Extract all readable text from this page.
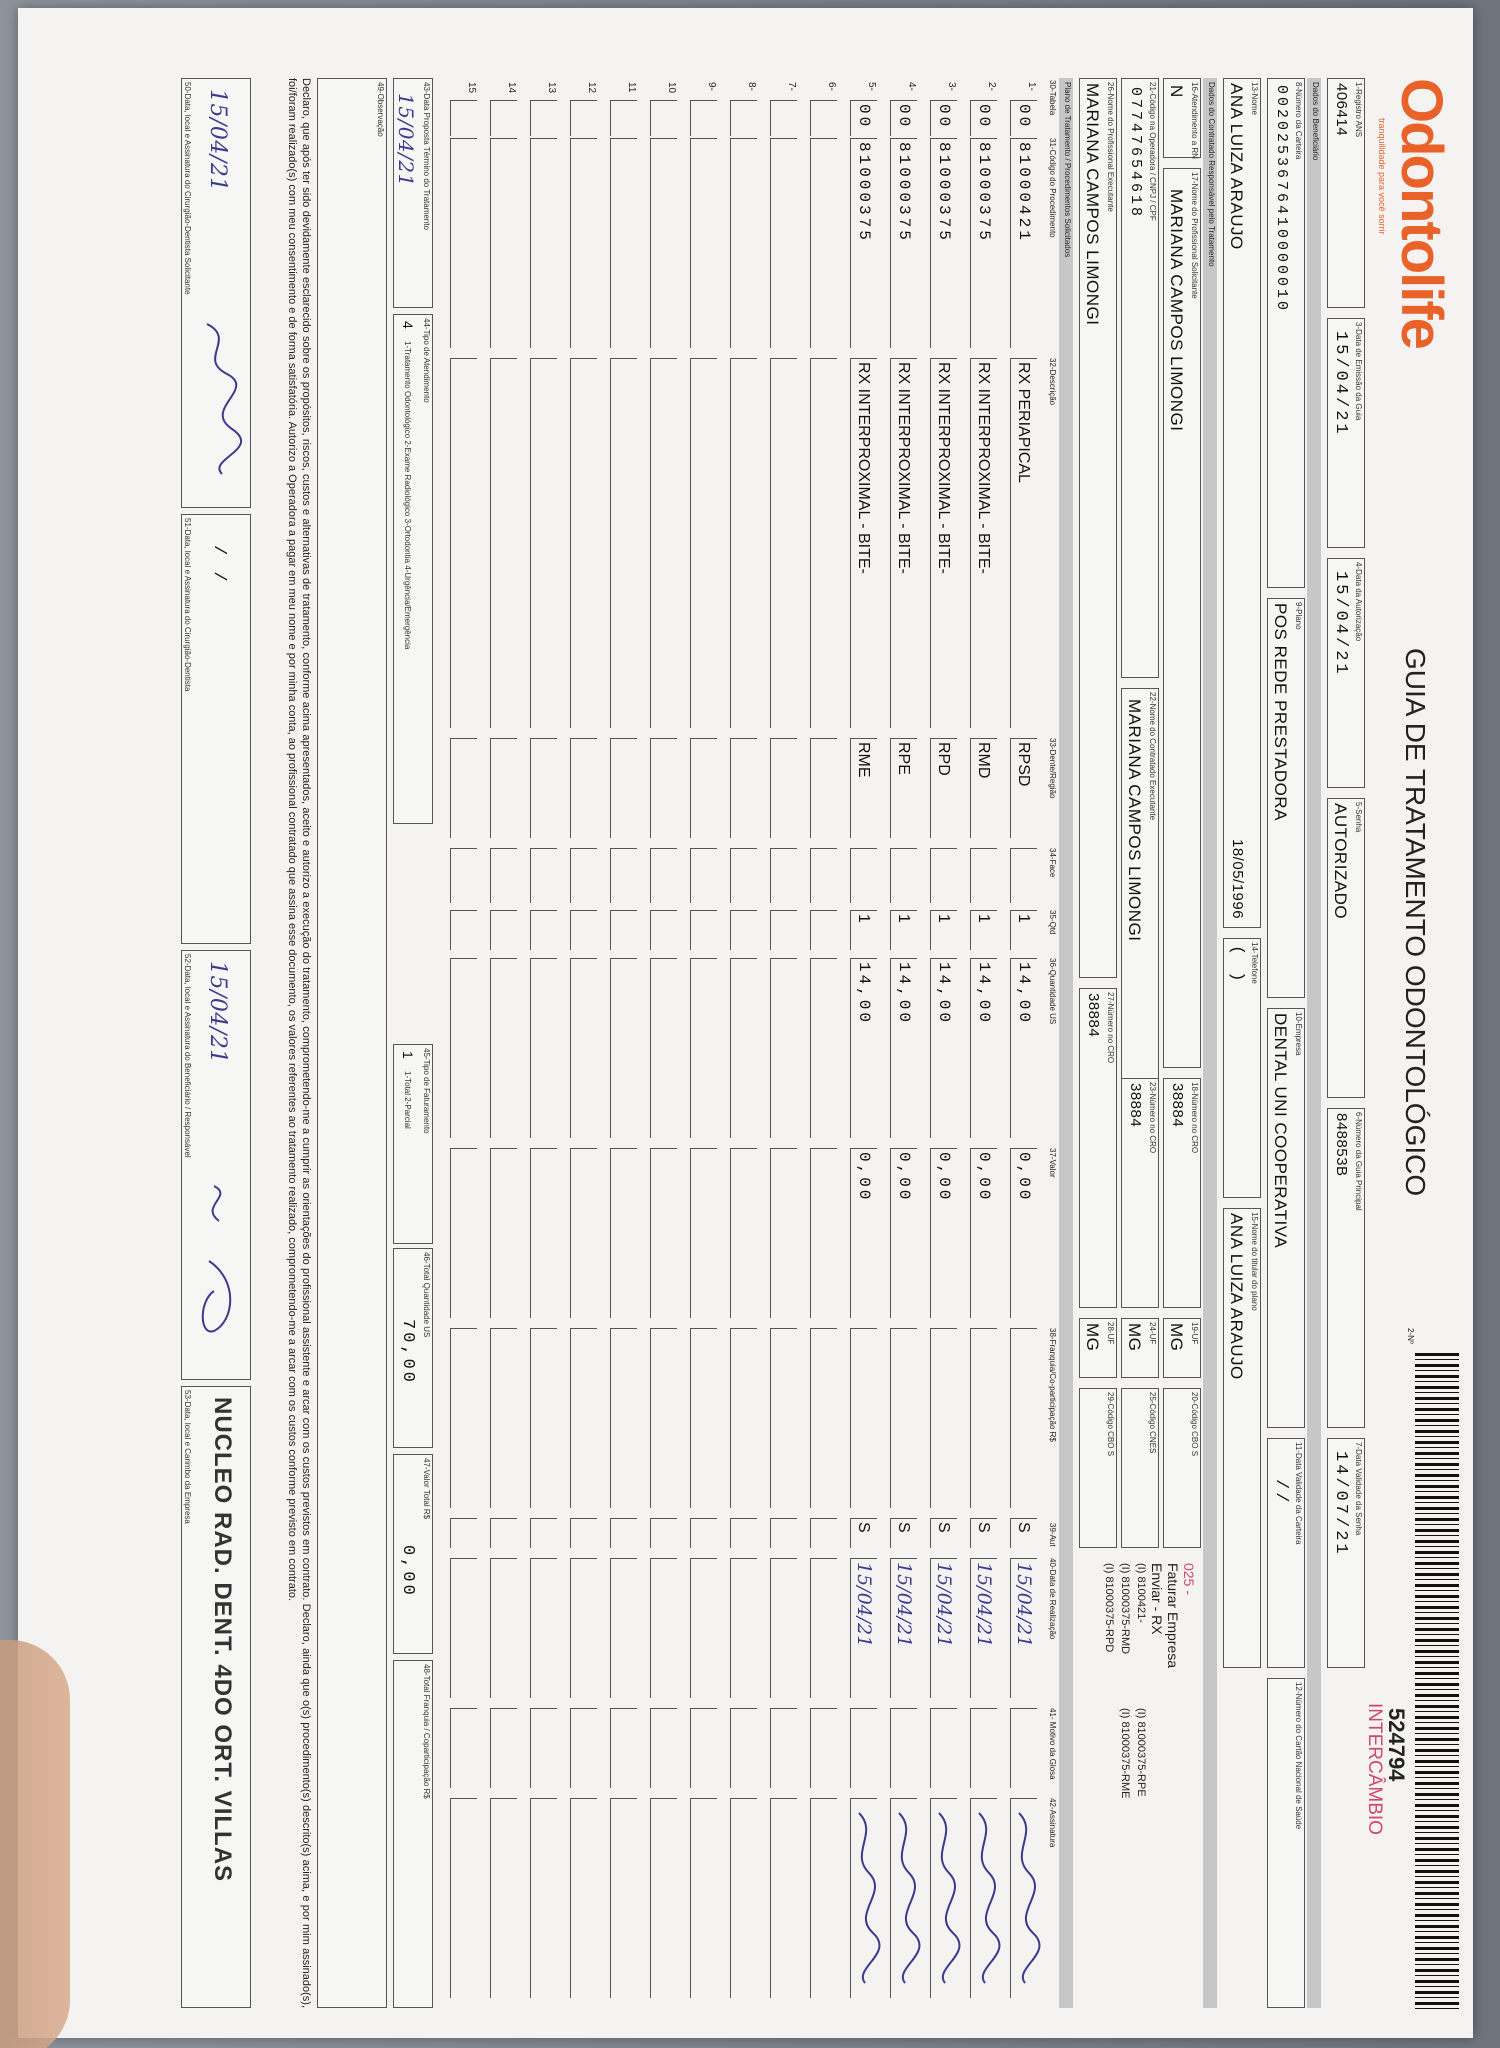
Odontolife
tranquilidade para você sorrir
GUIA DE TRATAMENTO ODONTOLÓGICO
2-Nº
524794
INTERCÂMBIO
1-Registro ANS
406414
3-Data de Emissão da Guia
15/04/21
4-Data da Autorização
15/04/21
5-Senha
AUTORIZADO
6-Número da Guia Principal
848853B
7-Data Validade da Senha
14/07/21
Dados do Beneficiário
8-Número da Carteira
0020253676410000010
9-Plano
POS REDE PRESTADORA
10-Empresa
DENTAL UNI COOPERATIVA
11-Data Validade da Carteira
//
12-Número do Cartão Nacional de Saúde
13-Nome
ANA LUIZA ARAUJO
18/05/1996
14-Telefone
( )
15-Nome do titular do plano
ANA LUIZA ARAUJO
Dados do Contratado Responsável pelo Tratamento
16-Atendimento a RN
N
17-Nome do Profissional Solicitante
MARIANA CAMPOS LIMONGI
18-Número no CRO
38884
19-UF
MG
20-Código CBO S
21-Código na Operadora / CNPJ / CPF
07747654618
22-Nome do Contratado Executante
MARIANA CAMPOS LIMONGI
23-Número no CRO
38884
24-UF
MG
25-Código CNES
26-Nome do Profissional Executante
MARIANA CAMPOS LIMONGI
27-Número no CRO
38884
28-UF
MG
29-Código CBO S
025 -
Faturar Empresa
Enviar - RX
(I) 8100421-
(I) 81000375-RMD
(I) 81000375-RPD
(I) 81000375-RPE
(I) 81000375-RME
Plano de Tratamento / Procedimentos Solicitados
30-Tabela
31-Código do Procedimento
32-Descrição
33-Dente/Região
34-Face
35-Qtd
36-Quantidade US
37-Valor
38-Franquia/Co-participação R$
39-Aut
40-Data de Realização
41- Motivo da Glosa
42-Assinatura
1-
00
81000421
RX PERIAPICAL
RPSD
1
14,00
0,00
S
15/04/21
2-
00
81000375
RX INTERPROXIMAL - BITE-
RMD
1
14,00
0,00
S
15/04/21
3-
00
81000375
RX INTERPROXIMAL - BITE-
RPD
1
14,00
0,00
S
15/04/21
4-
00
81000375
RX INTERPROXIMAL - BITE-
RPE
1
14,00
0,00
S
15/04/21
5-
00
81000375
RX INTERPROXIMAL - BITE-
RME
1
14,00
0,00
S
15/04/21
6-
7-
8-
9-
10
11
12
13
14
15
43-Data Proposta Término do Tratamento
15/04/21
44-Tipo de Atendimento
4
1-Tratamento Odontológico 2-Exame Radiológico 3-Ortodontia 4-Urgência/Emergência
45-Tipo de Faturamento
1
1-Total 2-Parcial
46-Total Quantidade US
70,00
47-Valor Total R$
0,00
48-Total Franquia / Coparticipação R$
49-Observação
Declaro, que após ter sido devidamente esclarecido sobre os propósitos, riscos, custos e alternativas de tratamento, conforme acima apresentados, aceito e autorizo a execução do tratamento, comprometendo-me a cumprir as orientações do profissional assistente e arcar com os custos previstos em contrato. Declaro, ainda que o(s) procedimento(s) descrito(s) acima, e por mim assinado(s), foi/foram realizado(s) com meu consentimento e de forma satisfatória. Autorizo a Operadora a pagar em meu nome e por minha conta, ao profissional contratado que assina esse documento, os valores referentes ao tratamento realizado, comprometendo-me a arcar com os custos conforme previsto em contrato.
50-Data, local e Assinatura do Cirurgião-Dentista Solicitante 15/04/21
51-Data, local e Assinatura do Cirurgião-Dentista / /
52-Data, local e Assinatura do Beneficiário / Responsável 15/04/21
53-Data, local e Carimbo da Empresa NUCLEO RAD. DENT. 4DO ORT. VILLAS
